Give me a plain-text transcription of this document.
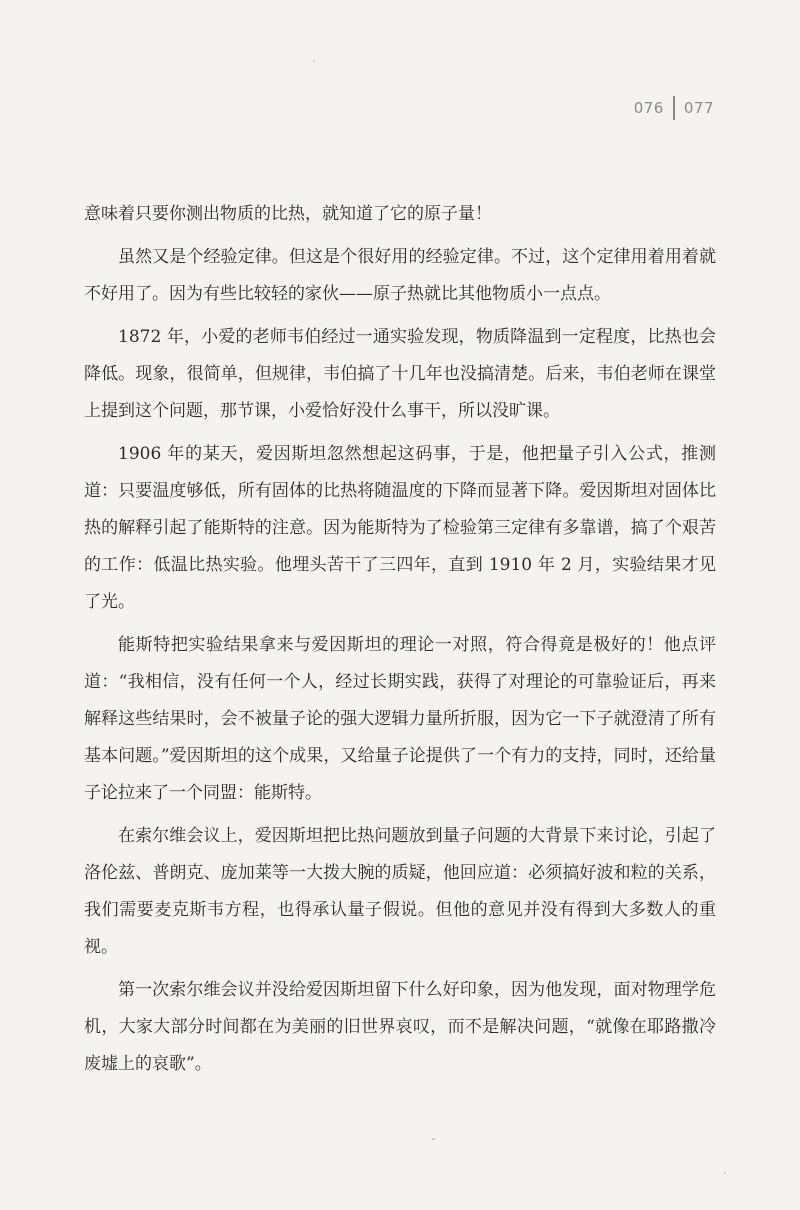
076 077

意味着只要你测出物质的比热，就知道了它的原子量！

虽然又是个经验定律。但这是个很好用的经验定律。不过，这个定律用着用着就不好用了。因为有些比较轻的家伙——原子热就比其他物质小一点点。

1872 年，小爱的老师韦伯经过一通实验发现，物质降温到一定程度，比热也会降低。现象，很简单，但规律，韦伯搞了十几年也没搞清楚。后来，韦伯老师在课堂上提到这个问题，那节课，小爱恰好没什么事干，所以没旷课。

1906 年的某天，爱因斯坦忽然想起这码事，于是，他把量子引入公式，推测道：只要温度够低，所有固体的比热将随温度的下降而显著下降。爱因斯坦对固体比热的解释引起了能斯特的注意。因为能斯特为了检验第三定律有多靠谱，搞了个艰苦的工作：低温比热实验。他埋头苦干了三四年，直到 1910 年 2 月，实验结果才见了光。

能斯特把实验结果拿来与爱因斯坦的理论一对照，符合得竟是极好的！他点评道：“我相信，没有任何一个人，经过长期实践，获得了对理论的可靠验证后，再来解释这些结果时，会不被量子论的强大逻辑力量所折服，因为它一下子就澄清了所有基本问题。”爱因斯坦的这个成果，又给量子论提供了一个有力的支持，同时，还给量子论拉来了一个同盟：能斯特。

在索尔维会议上，爱因斯坦把比热问题放到量子问题的大背景下来讨论，引起了洛伦兹、普朗克、庞加莱等一大拨大腕的质疑，他回应道：必须搞好波和粒的关系，我们需要麦克斯韦方程，也得承认量子假说。但他的意见并没有得到大多数人的重视。

第一次索尔维会议并没给爱因斯坦留下什么好印象，因为他发现，面对物理学危机，大家大部分时间都在为美丽的旧世界哀叹，而不是解决问题，“就像在耶路撒冷废墟上的哀歌”。
